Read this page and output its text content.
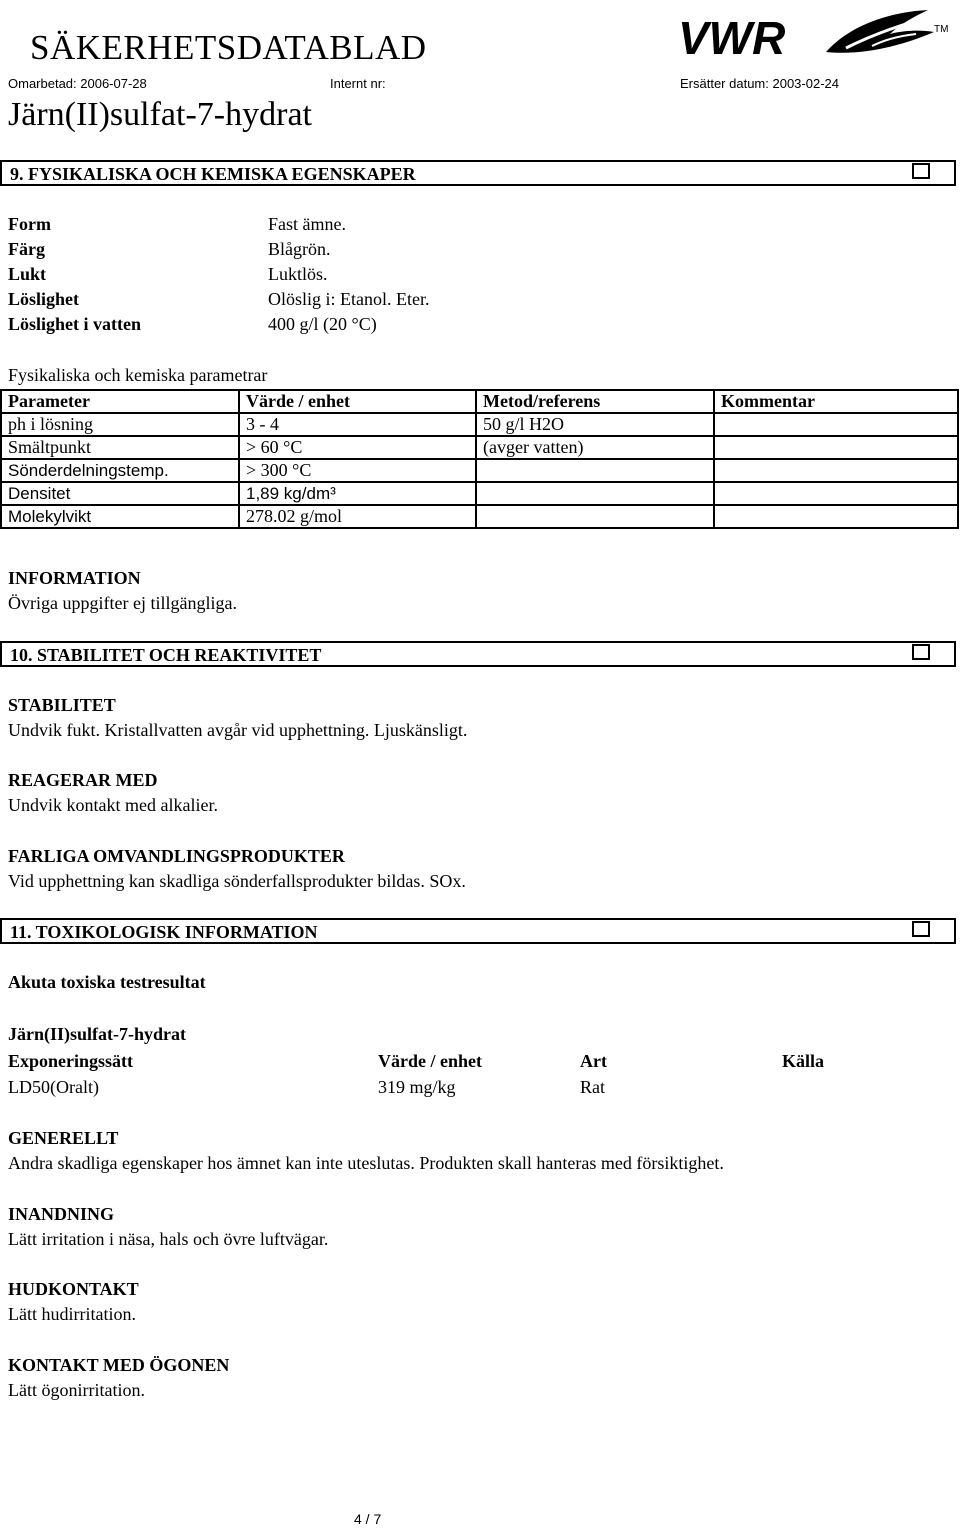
SÄKERHETSDATABLAD
Omarbetad: 2006-07-28	Internt nr:	Ersätter datum: 2003-02-24
Järn(II)sulfat-7-hydrat
VWR	TM
9. FYSIKALISKA OCH KEMISKA EGENSKAPER
Form	Fast ämne.
Färg	Blågrön.
Lukt	Luktlös.
Löslighet	Olöslig i: Etanol. Eter.
Löslighet i vatten	400 g/l (20 °C)
Fysikaliska och kemiska parametrar
Parameter	Värde / enhet	Metod/referens	Kommentar
ph i lösning	3 - 4	50 g/l H2O	
Smältpunkt	> 60 °C	(avger vatten)	
Sönderdelningstemp.	> 300 °C		
Densitet	1,89 kg/dm³		
Molekylvikt	278.02 g/mol		
INFORMATION
Övriga uppgifter ej tillgängliga.
10. STABILITET OCH REAKTIVITET
STABILITET
Undvik fukt. Kristallvatten avgår vid upphettning. Ljuskänsligt.
REAGERAR MED
Undvik kontakt med alkalier.
FARLIGA OMVANDLINGSPRODUKTER
Vid upphettning kan skadliga sönderfallsprodukter bildas. SOx.
11. TOXIKOLOGISK INFORMATION
Akuta toxiska testresultat
Järn(II)sulfat-7-hydrat
Exponeringssätt	Värde / enhet	Art	Källa
LD50(Oralt)	319 mg/kg	Rat
GENERELLT
Andra skadliga egenskaper hos ämnet kan inte uteslutas. Produkten skall hanteras med försiktighet.
INANDNING
Lätt irritation i näsa, hals och övre luftvägar.
HUDKONTAKT
Lätt hudirritation.
KONTAKT MED ÖGONEN
Lätt ögonirritation.
4 / 7
